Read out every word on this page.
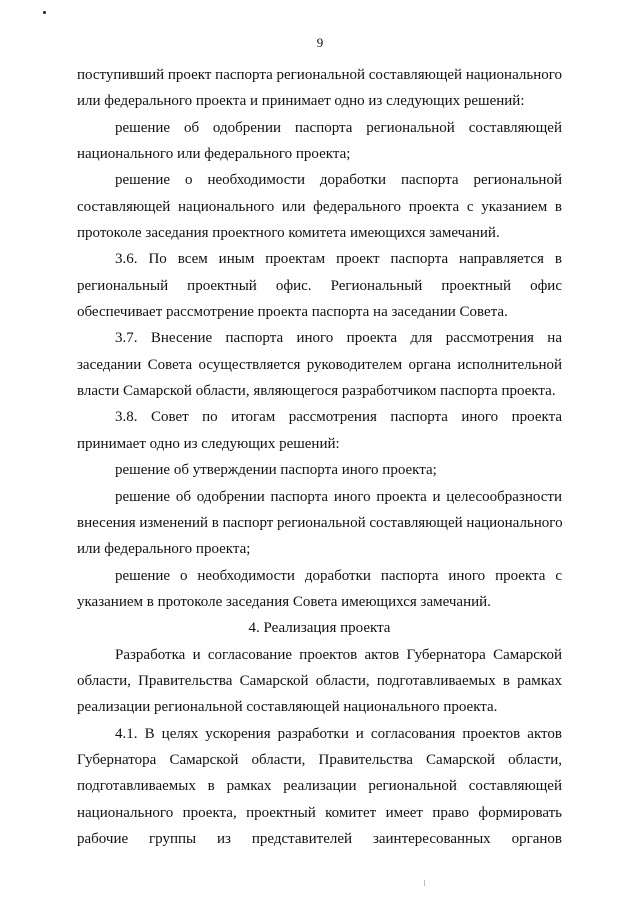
9
поступивший проект паспорта региональной составляющей национального
или федерального проекта и принимает одно из следующих решений:
решение об одобрении паспорта региональной составляющей
национального или федерального проекта;
решение о необходимости доработки паспорта региональной
составляющей национального или федерального проекта с указанием в
протоколе заседания проектного комитета имеющихся замечаний.
3.6. По всем иным проектам проект паспорта направляется в
региональный проектный офис. Региональный проектный офис
обеспечивает рассмотрение проекта паспорта на заседании Совета.
3.7. Внесение паспорта иного проекта для рассмотрения на
заседании Совета осуществляется руководителем органа исполнительной
власти Самарской области, являющегося разработчиком паспорта проекта.
3.8. Совет по итогам рассмотрения паспорта иного проекта
принимает одно из следующих решений:
решение об утверждении паспорта иного проекта;
решение об одобрении паспорта иного проекта и целесообразности
внесения изменений в паспорт региональной составляющей национального
или федерального проекта;
решение о необходимости доработки паспорта иного проекта с
указанием в протоколе заседания Совета имеющихся замечаний.
4. Реализация проекта
Разработка и согласование проектов актов Губернатора Самарской
области, Правительства Самарской области, подготавливаемых в рамках
реализации региональной составляющей национального проекта.
4.1. В целях ускорения разработки и согласования проектов актов
Губернатора Самарской области, Правительства Самарской области,
подготавливаемых в рамках реализации региональной составляющей
национального проекта, проектный комитет имеет право формировать
рабочие группы из представителей заинтересованных органов
